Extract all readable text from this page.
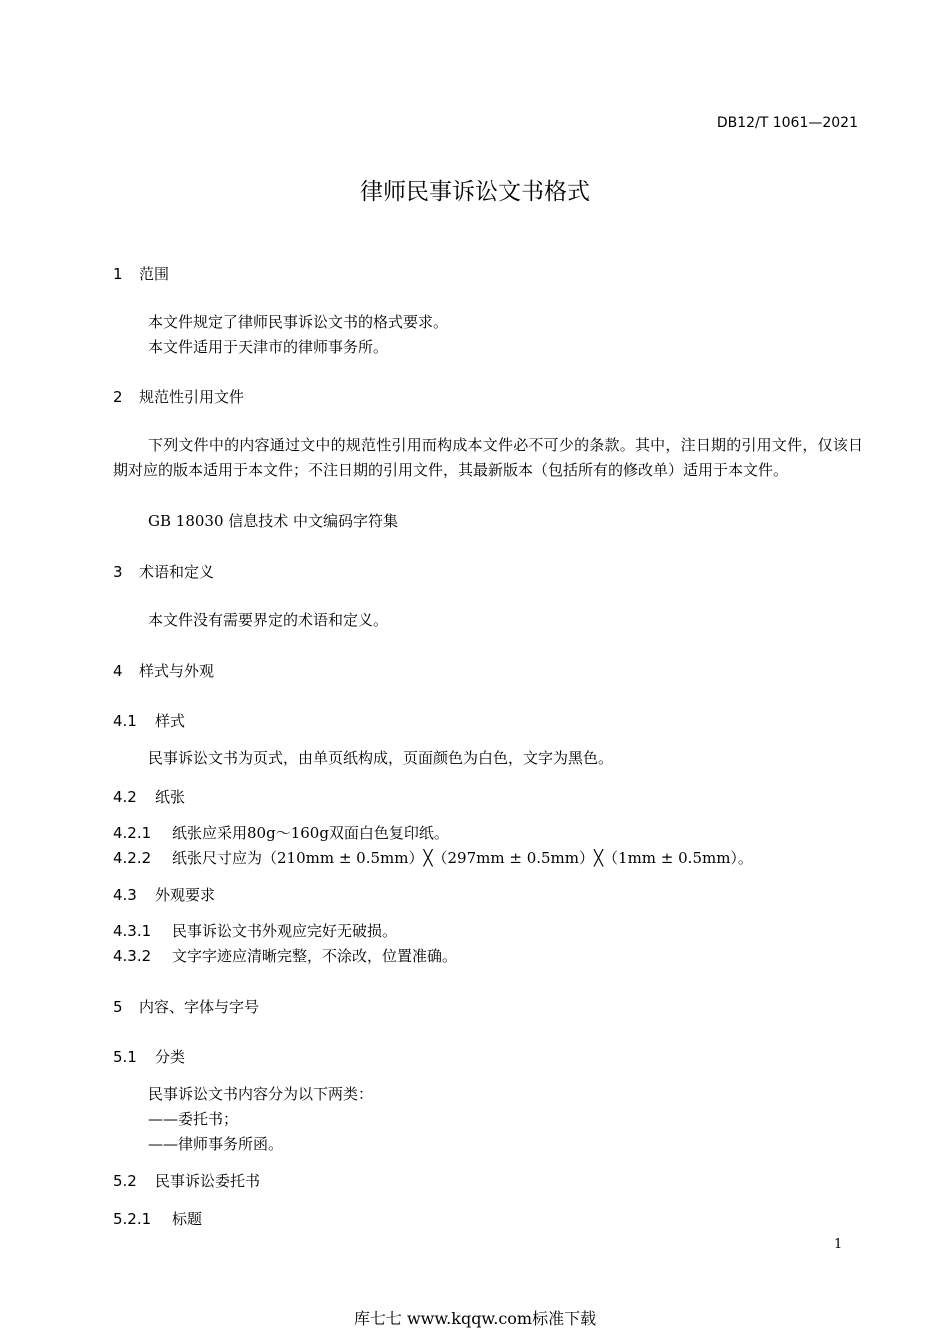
DB12/T 1061—2021
律师民事诉讼文书格式
1 范围
本文件规定了律师民事诉讼文书的格式要求。
本文件适用于天津市的律师事务所。
2 规范性引用文件
下列文件中的内容通过文中的规范性引用而构成本文件必不可少的条款。其中，注日期的引用文件，仅该日期对应的版本适用于本文件；不注日期的引用文件，其最新版本（包括所有的修改单）适用于本文件。
GB 18030 信息技术 中文编码字符集
3 术语和定义
本文件没有需要界定的术语和定义。
4 样式与外观
4.1 样式
民事诉讼文书为页式，由单页纸构成，页面颜色为白色，文字为黑色。
4.2 纸张
4.2.1 纸张应采用80g～160g双面白色复印纸。
4.2.2 纸张尺寸应为（210mm ± 0.5mm）╳（297mm ± 0.5mm）╳（1mm ± 0.5mm）。
4.3 外观要求
4.3.1 民事诉讼文书外观应完好无破损。
4.3.2 文字字迹应清晰完整，不涂改，位置准确。
5 内容、字体与字号
5.1 分类
民事诉讼文书内容分为以下两类：
——委托书；
——律师事务所函。
5.2 民事诉讼委托书
5.2.1 标题
1
库七七 www.kqqw.com标准下载
